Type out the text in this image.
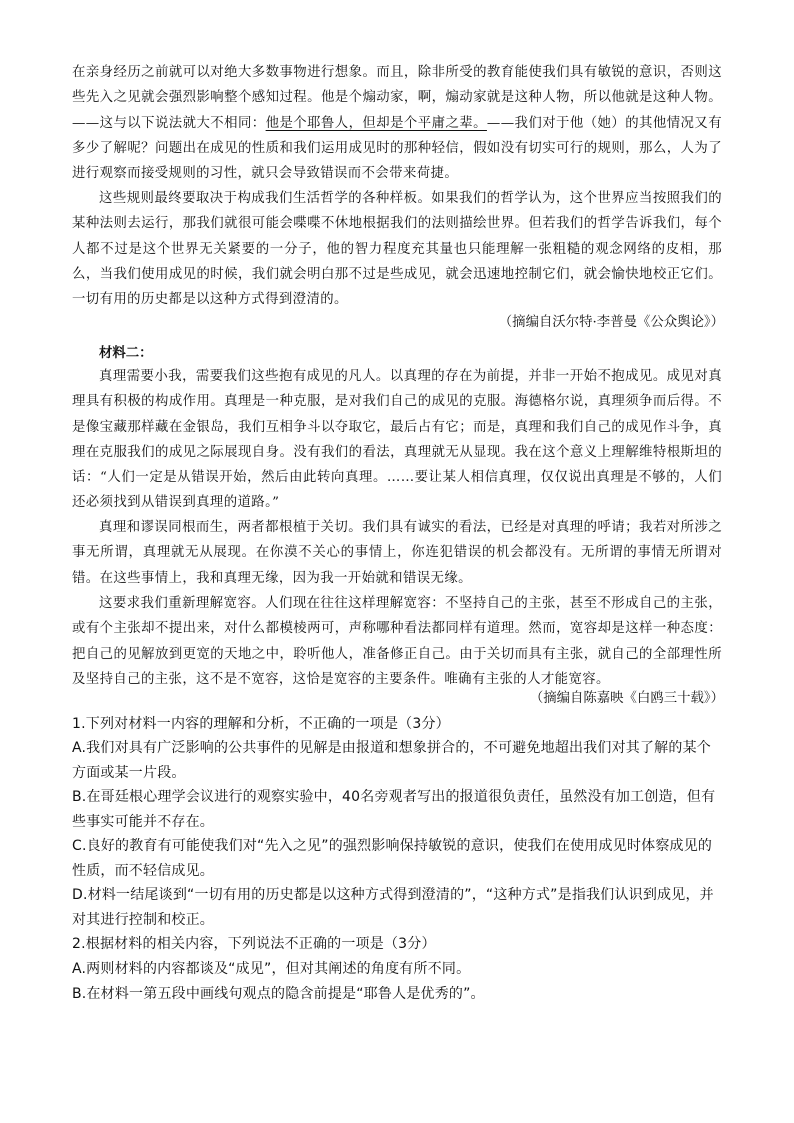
在亲身经历之前就可以对绝大多数事物进行想象。而且，除非所受的教育能使我们具有敏锐的意识，否则这些先入之见就会强烈影响整个感知过程。他是个煽动家，啊，煽动家就是这种人物，所以他就是这种人物。——这与以下说法就大不相同：他是个耶鲁人，但却是个平庸之辈。——我们对于他（她）的其他情况又有多少了解呢？问题出在成见的性质和我们运用成见时的那种轻信，假如没有切实可行的规则，那么，人为了进行观察而接受规则的习性，就只会导致错误而不会带来荷捷。

这些规则最终要取决于构成我们生活哲学的各种样板。如果我们的哲学认为，这个世界应当按照我们的某种法则去运行，那我们就很可能会喋喋不休地根据我们的法则描绘世界。但若我们的哲学告诉我们，每个人都不过是这个世界无关紧要的一分子，他的智力程度充其量也只能理解一张粗糙的观念网络的皮相，那么，当我们使用成见的时候，我们就会明白那不过是些成见，就会迅速地控制它们，就会愉快地校正它们。一切有用的历史都是以这种方式得到澄清的。

（摘编自沃尔特·李普曼《公众舆论》）
材料二：

真理需要小我，需要我们这些抱有成见的凡人。以真理的存在为前提，并非一开始不抱成见。成见对真理具有积极的构成作用。真理是一种克服，是对我们自己的成见的克服。海德格尔说，真理须争而后得。不是像宝藏那样藏在金银岛，我们互相争斗以夺取它，最后占有它；而是，真理和我们自己的成见作斗争，真理在克服我们的成见之际展现自身。没有我们的看法，真理就无从显现。我在这个意义上理解维特根斯坦的话：“人们一定是从错误开始，然后由此转向真理。……要让某人相信真理，仅仅说出真理是不够的，人们还必须找到从错误到真理的道路。”

真理和谬误同根而生，两者都根植于关切。我们具有诚实的看法，已经是对真理的呼请；我若对所涉之事无所谓，真理就无从展现。在你漠不关心的事情上，你连犯错误的机会都没有。无所谓的事情无所谓对错。在这些事情上，我和真理无缘，因为我一开始就和错误无缘。

这要求我们重新理解宽容。人们现在往往这样理解宽容：不坚持自己的主张，甚至不形成自己的主张，或有个主张却不提出来，对什么都模棱两可，声称哪种看法都同样有道理。然而，宽容却是这样一种态度：把自己的见解放到更宽的天地之中，聆听他人，准备修正自己。由于关切而具有主张，就自己的全部理性所及坚持自己的主张，这不是不宽容，这恰是宽容的主要条件。唯确有主张的人才能宽容。

（摘编自陈嘉映《白鸥三十载》）

1.下列对材料一内容的理解和分析，不正确的一项是（3分）

A.我们对具有广泛影响的公共事件的见解是由报道和想象拼合的，不可避免地超出我们对其了解的某个方面或某一片段。

B.在哥廷根心理学会议进行的观察实验中，40名旁观者写出的报道很负责任，虽然没有加工创造，但有些事实可能并不存在。

C.良好的教育有可能使我们对“先入之见”的强烈影响保持敏锐的意识，使我们在使用成见时体察成见的性质，而不轻信成见。

D.材料一结尾谈到“一切有用的历史都是以这种方式得到澄清的”，“这种方式”是指我们认识到成见，并对其进行控制和校正。

2.根据材料的相关内容，下列说法不正确的一项是（3分）

A.两则材料的内容都谈及“成见”，但对其阐述的角度有所不同。

B.在材料一第五段中画线句观点的隐含前提是“耶鲁人是优秀的”。
